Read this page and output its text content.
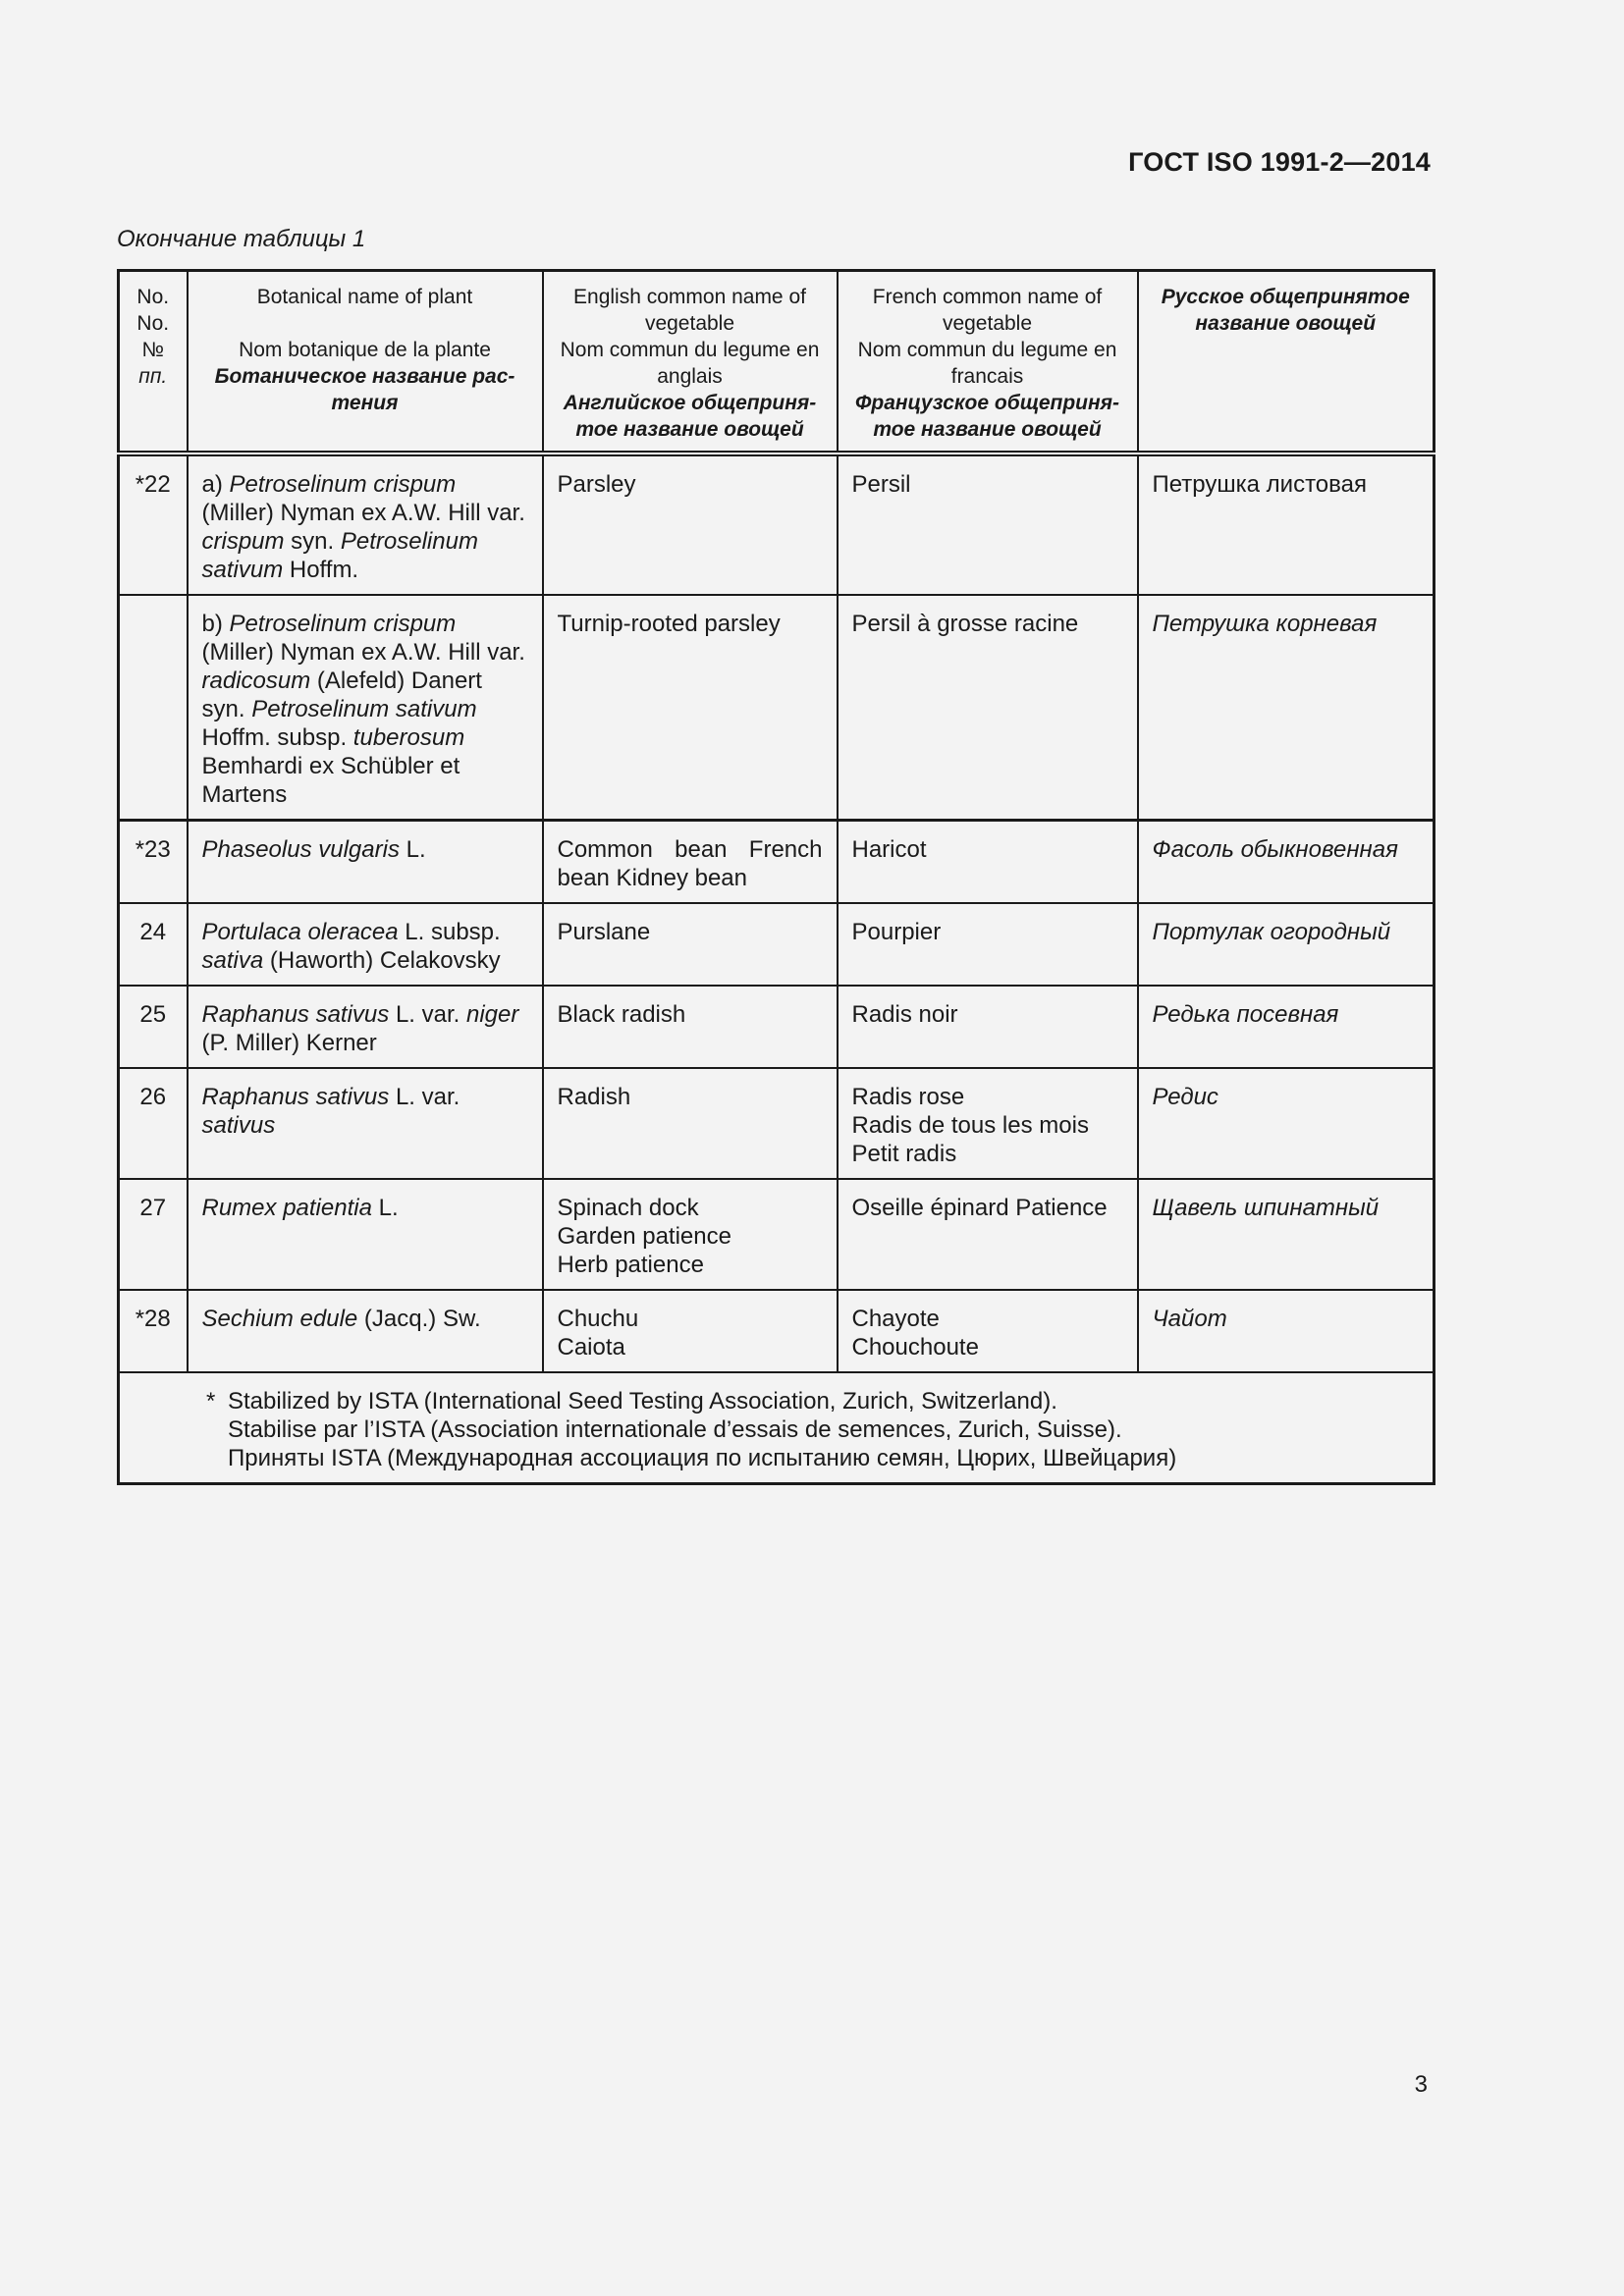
ГОСТ ISO 1991-2—2014
Окончание таблицы 1
No.
No.
№
пп.	Botanical name of plant
Nom botanique de la plante
Ботаническое название рас-тения	English common name of vegetable
Nom commun du legume en anglais
Английское общеприня-тое название овощей	French common name of vegetable
Nom commun du legume en francais
Французское общеприня-тое название овощей	Русское общепринятое название овощей

*22	a) Petroselinum crispum (Miller) Nyman ex A.W. Hill var. crispum syn. Petroselinum sativum Hoffm.	Parsley	Persil	Петрушка листовая
	b) Petroselinum crispum (Miller) Nyman ex A.W. Hill var. radicosum (Alefeld) Danert syn. Petroselinum sativum Hoffm. subsp. tuberosum Bemhardi ex Schübler et Martens	Turnip-rooted parsley	Persil à grosse racine	Петрушка корневая
*23	Phaseolus vulgaris L.	Common bean French bean Kidney bean	Haricot	Фасоль обыкновенная
24	Portulaca oleracea L. subsp. sativa (Haworth) Celakovsky	Purslane	Pourpier	Портулак огородный
25	Raphanus sativus L. var. niger (P. Miller) Kerner	Black radish	Radis noir	Редька посевная
26	Raphanus sativus L. var. sativus	Radish	Radis rose
Radis de tous les mois
Petit radis	Редис
27	Rumex patientia L.	Spinach dock
Garden patience
Herb patience	Oseille épinard Patience	Щавель шпинатный
*28	Sechium edule (Jacq.) Sw.	Chuchu
Caiota	Chayote
Chouchoute	Чайот

* Stabilized by ISTA (International Seed Testing Association, Zurich, Switzerland).
Stabilise par l’ISTA (Association internationale d’essais de semences, Zurich, Suisse).
Приняты ISTA (Международная ассоциация по испытанию семян, Цюрих, Швейцария)				
3
